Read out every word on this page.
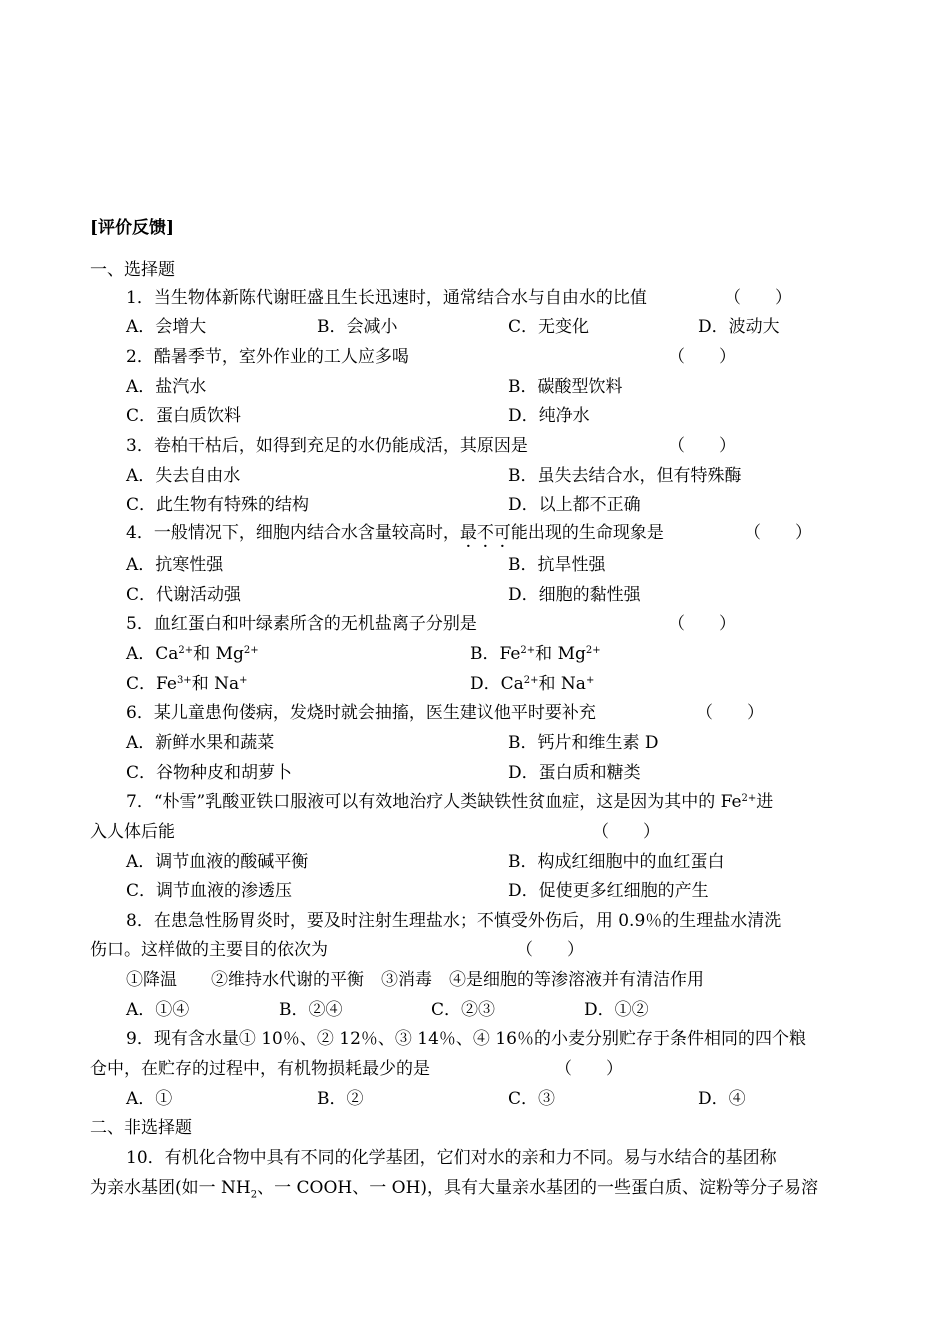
[评价反馈]
一、选择题
1．当生物体新陈代谢旺盛且生长迅速时，通常结合水与自由水的比值	（　　）
A．会增大	B．会减小	C．无变化	D．波动大
2．酷暑季节，室外作业的工人应多喝	（　　）
A．盐汽水	B．碳酸型饮料
C．蛋白质饮料	D．纯净水
3．卷柏干枯后，如得到充足的水仍能成活，其原因是	（　　）
A．失去自由水	B．虽失去结合水，但有特殊酶
C．此生物有特殊的结构	D．以上都不正确
4．一般情况下，细胞内结合水含量较高时，最不可能出现的生命现象是	（　　）
A．抗寒性强	B．抗旱性强
C．代谢活动强	D．细胞的黏性强
5．血红蛋白和叶绿素所含的无机盐离子分别是	（　　）
A．$Ca^{2+}$和 $Mg^{2+}$	B．$Fe^{2+}$和 $Mg^{2+}$
C．$Fe^{3+}$和 Na+	D．$Ca^{2+}$和 Na+
6．某儿童患佝偻病，发烧时就会抽搐，医生建议他平时要补充	（　　）
A．新鲜水果和蔬菜	B．钙片和维生素 D
C．谷物种皮和胡萝卜	D．蛋白质和糖类
7．“朴雪”乳酸亚铁口服液可以有效地治疗人类缺铁性贫血症，这是因为其中的 $Fe^{2+}$进
入人体后能	（　　）
A．调节血液的酸碱平衡	B．构成红细胞中的血红蛋白
C．调节血液的渗透压	D．促使更多红细胞的产生
8．在患急性肠胃炎时，要及时注射生理盐水；不慎受外伤后，用 0.9％的生理盐水清洗
伤口。这样做的主要目的依次为	（　　）
①降温　　②维持水代谢的平衡　③消毒　④是细胞的等渗溶液并有清洁作用
A．①④	B．②④	C．②③	D．①②
9．现有含水量① 10％、② 12％、③ 14％、④ 16％的小麦分别贮存于条件相同的四个粮
仓中，在贮存的过程中，有机物损耗最少的是	（　　）
A．①	B．②	C．③	D．④
二、非选择题
10．有机化合物中具有不同的化学基团，它们对水的亲和力不同。易与水结合的基团称
为亲水基团(如一 $NH_2$、一 COOH、一 OH)，具有大量亲水基团的一些蛋白质、淀粉等分子易溶
